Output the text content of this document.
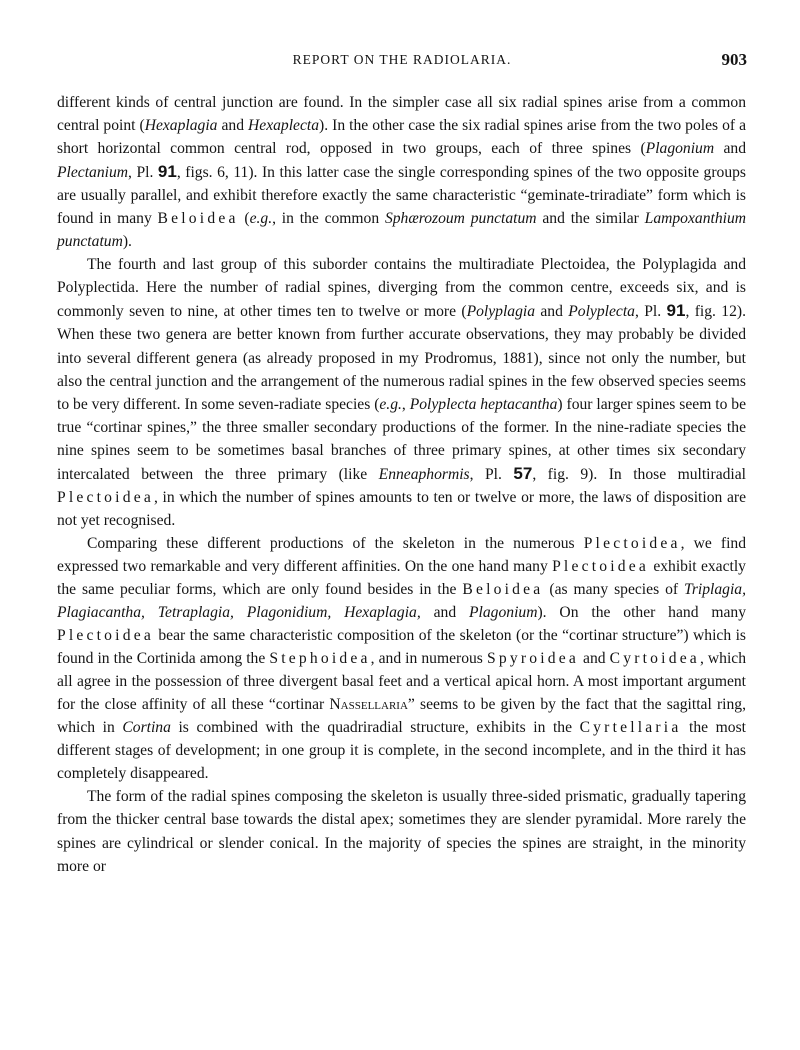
REPORT ON THE RADIOLARIA.	903

different kinds of central junction are found. In the simpler case all six radial spines arise from a common central point (Hexaplagia and Hexaplecta). In the other case the six radial spines arise from the two poles of a short horizontal common central rod, opposed in two groups, each of three spines (Plagonium and Plectanium, Pl. 91, figs. 6, 11). In this latter case the single corresponding spines of the two opposite groups are usually parallel, and exhibit therefore exactly the same characteristic “geminate-triradiate” form which is found in many Beloidea (e.g., in the common Sphærozoum punctatum and the similar Lampoxanthium punctatum).

The fourth and last group of this suborder contains the multiradiate Plectoidea, the Polyplagida and Polyplectida. Here the number of radial spines, diverging from the common centre, exceeds six, and is commonly seven to nine, at other times ten to twelve or more (Polyplagia and Polyplecta, Pl. 91, fig. 12). When these two genera are better known from further accurate observations, they may probably be divided into several different genera (as already proposed in my Prodromus, 1881), since not only the number, but also the central junction and the arrangement of the numerous radial spines in the few observed species seems to be very different. In some seven-radiate species (e.g., Polyplecta heptacantha) four larger spines seem to be true “cortinar spines,” the three smaller secondary productions of the former. In the nine-radiate species the nine spines seem to be sometimes basal branches of three primary spines, at other times six secondary intercalated between the three primary (like Enneaphormis, Pl. 57, fig. 9). In those multiradial Plectoidea, in which the number of spines amounts to ten or twelve or more, the laws of disposition are not yet recognised.

Comparing these different productions of the skeleton in the numerous Plectoidea, we find expressed two remarkable and very different affinities. On the one hand many Plectoidea exhibit exactly the same peculiar forms, which are only found besides in the Beloidea (as many species of Triplagia, Plagiacantha, Tetraplagia, Plagonidium, Hexaplagia, and Plagonium). On the other hand many Plectoidea bear the same characteristic composition of the skeleton (or the “cortinar structure”) which is found in the Cortinida among the Stephoidea, and in numerous Spyroidea and Cyrtoidea, which all agree in the possession of three divergent basal feet and a vertical apical horn. A most important argument for the close affinity of all these “cortinar Nassellaria” seems to be given by the fact that the sagittal ring, which in Cortina is combined with the quadriradial structure, exhibits in the Cyrtellaria the most different stages of development; in one group it is complete, in the second incomplete, and in the third it has completely disappeared.

The form of the radial spines composing the skeleton is usually three-sided prismatic, gradually tapering from the thicker central base towards the distal apex; sometimes they are slender pyramidal. More rarely the spines are cylindrical or slender conical. In the majority of species the spines are straight, in the minority more or
